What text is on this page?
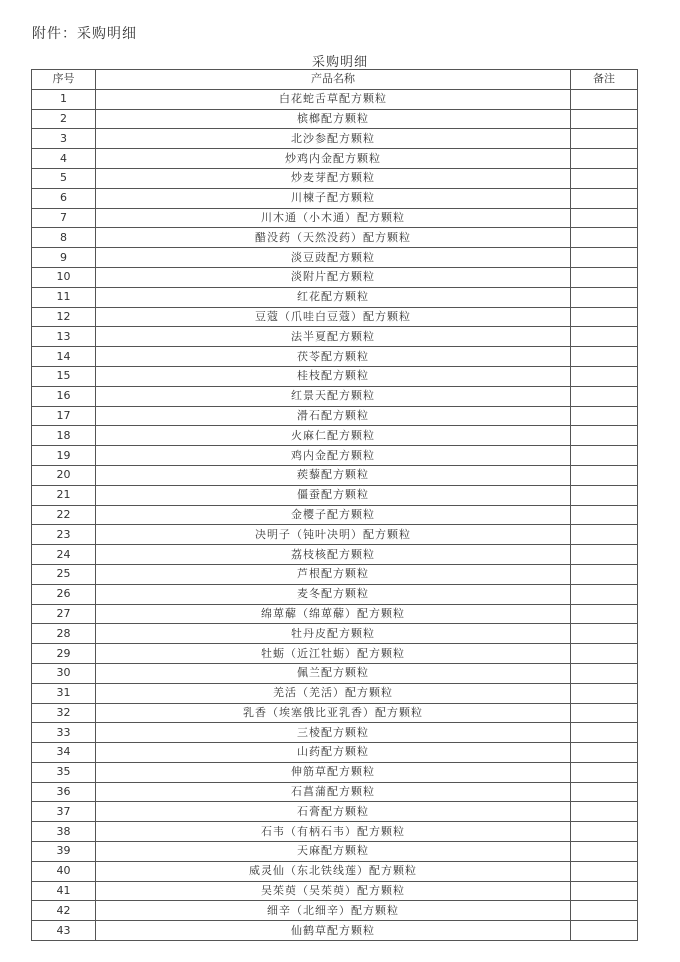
附件：采购明细
采购明细
序号	产品名称	备注
1	白花蛇舌草配方颗粒	
2	槟榔配方颗粒	
3	北沙参配方颗粒	
4	炒鸡内金配方颗粒	
5	炒麦芽配方颗粒	
6	川楝子配方颗粒	
7	川木通（小木通）配方颗粒	
8	醋没药（天然没药）配方颗粒	
9	淡豆豉配方颗粒	
10	淡附片配方颗粒	
11	红花配方颗粒	
12	豆蔻（爪哇白豆蔻）配方颗粒	
13	法半夏配方颗粒	
14	茯苓配方颗粒	
15	桂枝配方颗粒	
16	红景天配方颗粒	
17	滑石配方颗粒	
18	火麻仁配方颗粒	
19	鸡内金配方颗粒	
20	蒺藜配方颗粒	
21	僵蚕配方颗粒	
22	金樱子配方颗粒	
23	决明子（钝叶决明）配方颗粒	
24	荔枝核配方颗粒	
25	芦根配方颗粒	
26	麦冬配方颗粒	
27	绵萆薢（绵萆薢）配方颗粒	
28	牡丹皮配方颗粒	
29	牡蛎（近江牡蛎）配方颗粒	
30	佩兰配方颗粒	
31	羌活（羌活）配方颗粒	
32	乳香（埃塞俄比亚乳香）配方颗粒	
33	三棱配方颗粒	
34	山药配方颗粒	
35	伸筋草配方颗粒	
36	石菖蒲配方颗粒	
37	石膏配方颗粒	
38	石韦（有柄石韦）配方颗粒	
39	天麻配方颗粒	
40	威灵仙（东北铁线莲）配方颗粒	
41	吴茱萸（吴茱萸）配方颗粒	
42	细辛（北细辛）配方颗粒	
43	仙鹤草配方颗粒	
